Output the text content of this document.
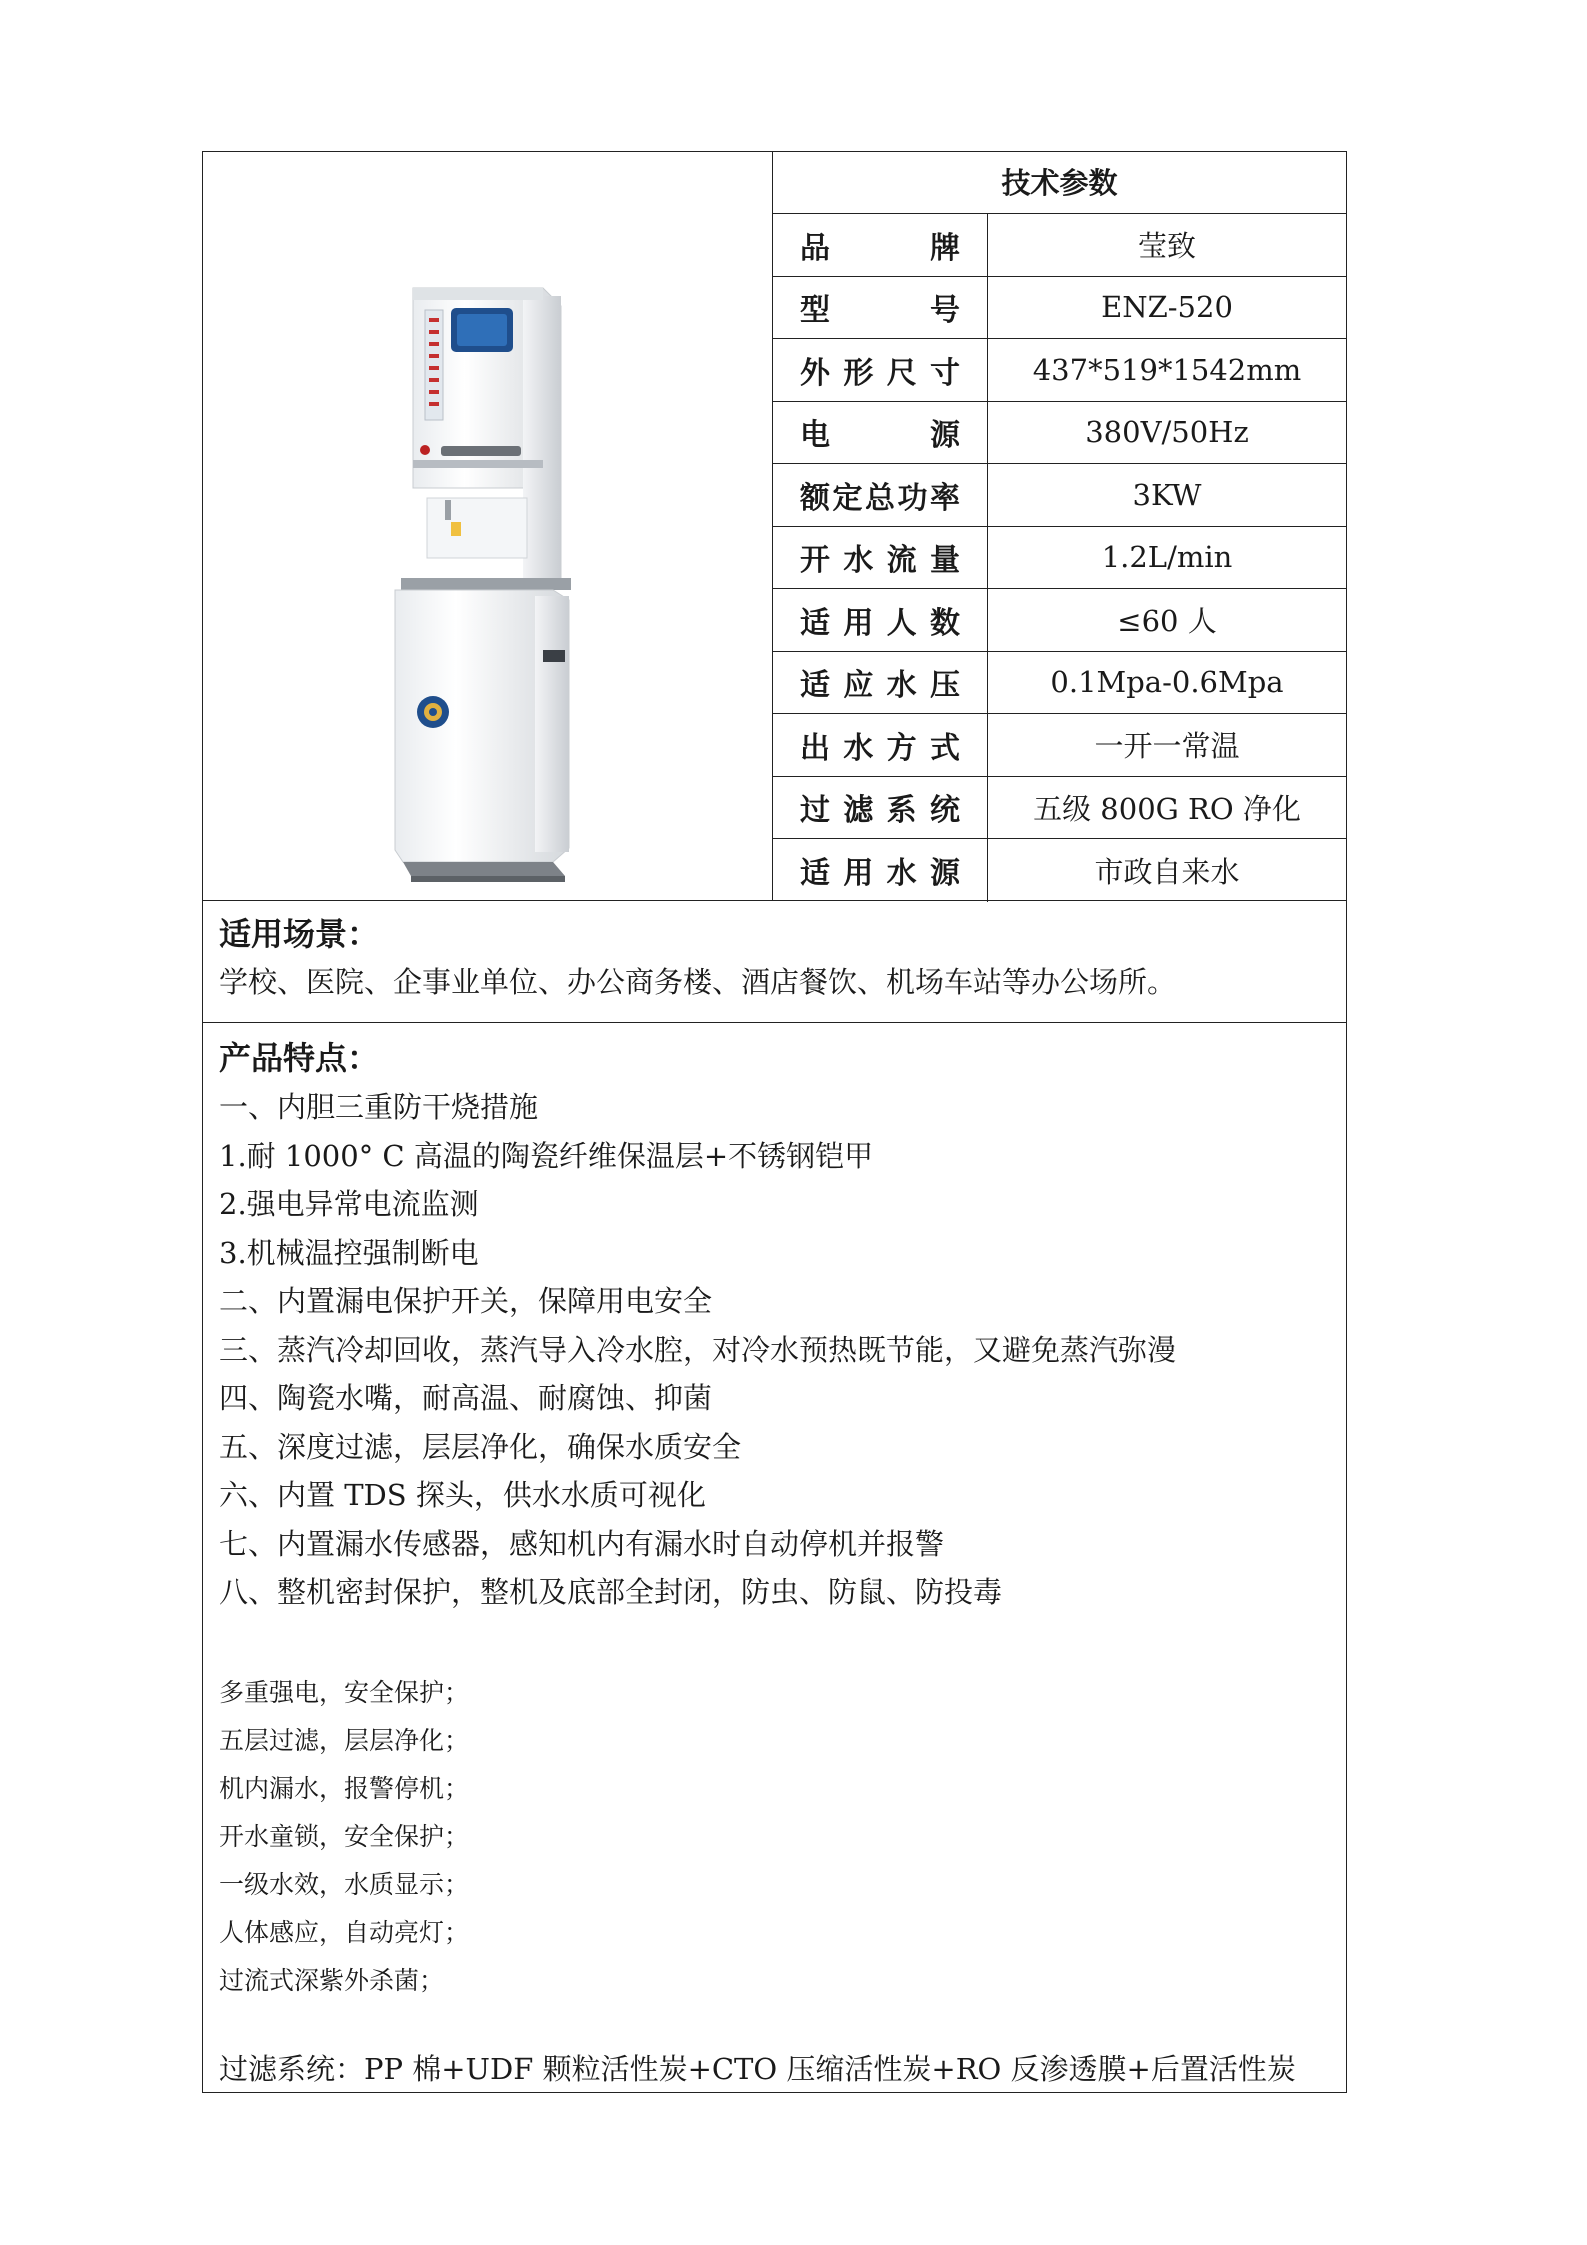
技术参数
品牌	莹致
型号	ENZ-520
外形尺寸	437*519*1542mm
电源	380V/50Hz
额定总功率	3KW
开水流量	1.2L/min
适用人数	≤60 人
适应水压	0.1Mpa-0.6Mpa
出水方式	一开一常温
过滤系统	五级 800G RO 净化
适用水源	市政自来水
适用场景：
学校、医院、企事业单位、办公商务楼、酒店餐饮、机场车站等办公场所。
产品特点：
一、内胆三重防干烧措施
1.耐 1000° C 高温的陶瓷纤维保温层+不锈钢铠甲
2.强电异常电流监测
3.机械温控强制断电
二、内置漏电保护开关，保障用电安全
三、蒸汽冷却回收，蒸汽导入冷水腔，对冷水预热既节能，又避免蒸汽弥漫
四、陶瓷水嘴，耐高温、耐腐蚀、抑菌
五、深度过滤，层层净化，确保水质安全
六、内置 TDS 探头，供水水质可视化
七、内置漏水传感器，感知机内有漏水时自动停机并报警
八、整机密封保护，整机及底部全封闭，防虫、防鼠、防投毒
多重强电，安全保护；
五层过滤，层层净化；
机内漏水，报警停机；
开水童锁，安全保护；
一级水效，水质显示；
人体感应，自动亮灯；
过流式深紫外杀菌；
过滤系统：PP 棉+UDF 颗粒活性炭+CTO 压缩活性炭+RO 反渗透膜+后置活性炭
